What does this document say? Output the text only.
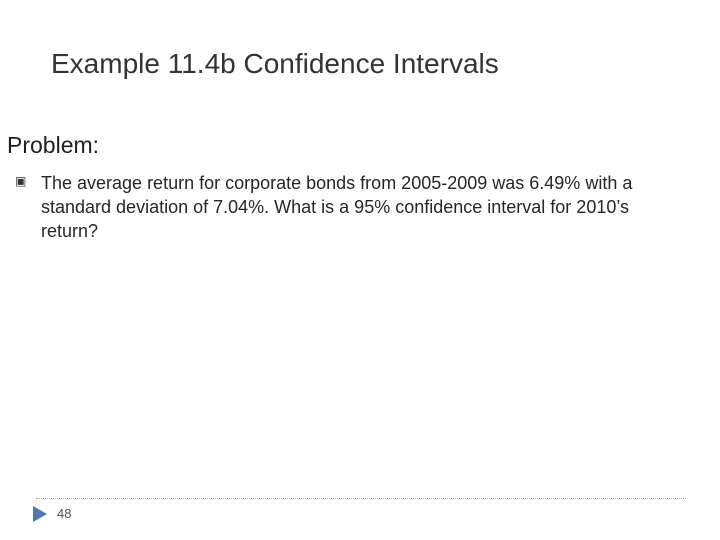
Example 11.4b Confidence Intervals
Problem:
▣ The average return for corporate bonds from 2005-2009 was 6.49% with a standard deviation of 7.04%. What is a 95% confidence interval for 2010’s return?
48
